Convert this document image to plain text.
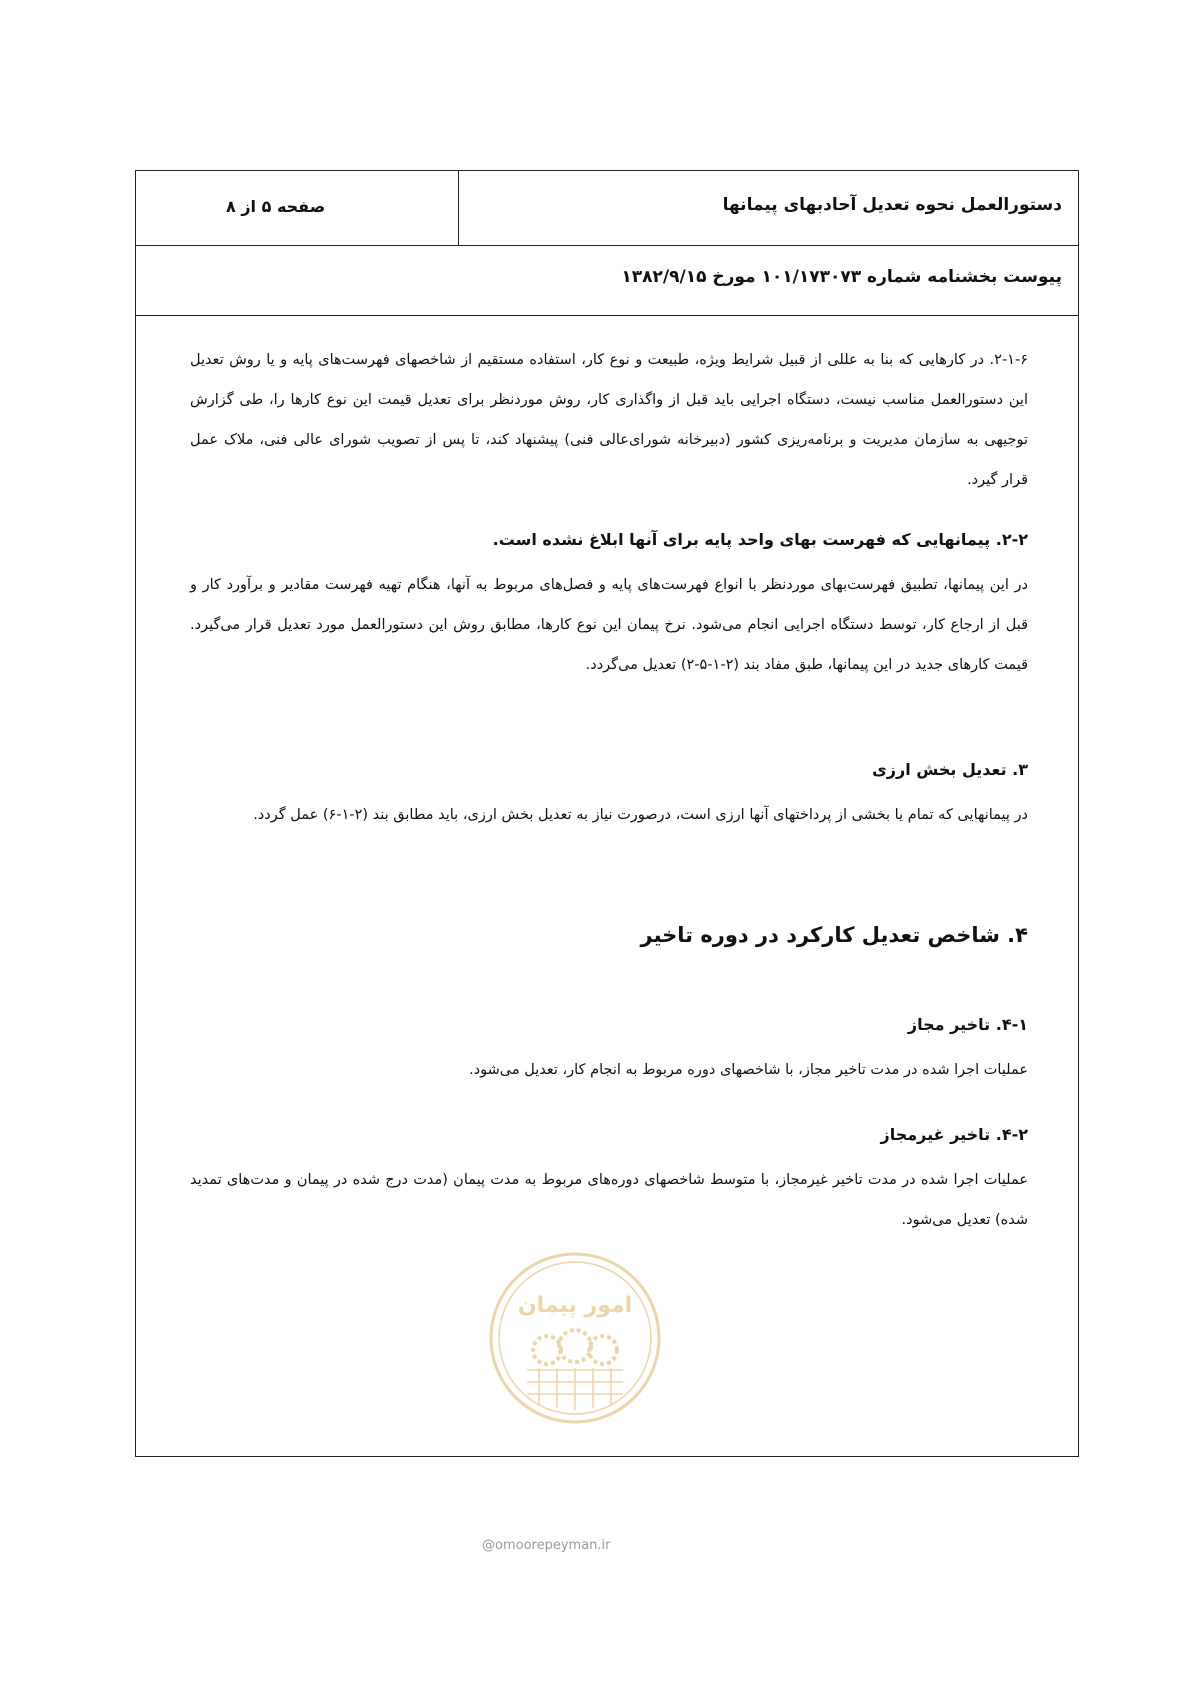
دستورالعمل نحوه تعدیل آحادبهای پیمانها
صفحه ۵ از ۸
پیوست بخشنامه شماره ۱۰۱/۱۷۳۰۷۳ مورخ ۱۳۸۲/۹/۱۵
۲-۱-۶. در کارهایی که بنا به عللی از قبیل شرایط ویژه، طبیعت و نوع کار، استفاده مستقیم از شاخصهای فهرست‌های پایه و یا روش تعدیل این دستورالعمل مناسب نیست، دستگاه اجرایی باید قبل از واگذاری کار، روش موردنظر برای تعدیل قیمت این نوع کارها را، طی گزارش توجیهی به سازمان مدیریت و برنامه‌ریزی کشور (دبیرخانه شورای‌عالی فنی) پیشنهاد کند، تا پس از تصویب شورای عالی فنی، ملاک عمل قرار گیرد.
۲-۲. پیمانهایی که فهرست بهای واحد پایه برای آنها ابلاغ نشده است.
در این پیمانها، تطبیق فهرست‌بهای موردنظر با انواع فهرست‌های پایه و فصل‌های مربوط به آنها، هنگام تهیه فهرست مقادیر و برآورد کار و قبل از ارجاع کار، توسط دستگاه اجرایی انجام می‌شود. نرخ پیمان این نوع کارها، مطابق روش این دستورالعمل مورد تعدیل قرار می‌گیرد. قیمت کارهای جدید در این پیمانها، طبق مفاد بند (۲-۱-۵-۲) تعدیل می‌گردد.
۳. تعدیل بخش ارزی
در پیمانهایی که تمام یا بخشی از پرداختهای آنها ارزی است، درصورت نیاز به تعدیل بخش ارزی، باید مطابق بند (۲-۱-۶) عمل گردد.
۴. شاخص تعدیل کارکرد در دوره تاخیر
۴-۱. تاخیر مجاز
عملیات اجرا شده در مدت تاخیر مجاز، با شاخصهای دوره مربوط به انجام کار، تعدیل می‌شود.
۴-۲. تاخیر غیرمجاز
عملیات اجرا شده در مدت تاخیر غیرمجاز، با متوسط شاخصهای دوره‌های مربوط به مدت پیمان (مدت درج شده در پیمان و مدت‌های تمدید شده) تعدیل می‌شود.
امور پیمان
@omoorepeyman.ir
